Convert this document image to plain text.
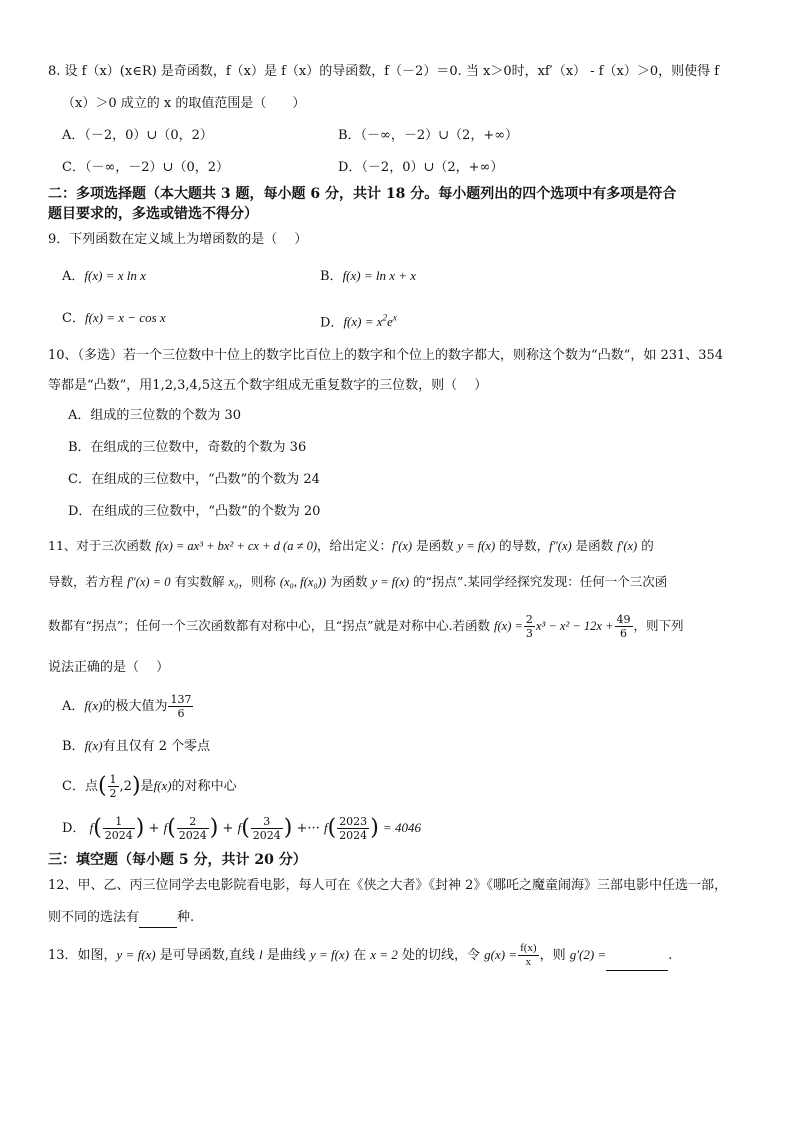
8. 设 f（x）(x∈R) 是奇函数，f（x）是 f（x）的导函数，f（－2）＝0. 当 x＞0时，xf′（x） - f（x）＞0，则使得 f
（x）＞0 成立的 x 的取值范围是（　　）
A．（－2，0）∪（0，2）	B．（－∞，－2）∪（2，+∞）
C．（－∞，－2）∪（0，2）	D．（－2，0）∪（2，+∞）
二：多项选择题（本大题共 3 题，每小题 6 分，共计 18 分。每小题列出的四个选项中有多项是符合
题目要求的，多选或错选不得分）
9．下列函数在定义域上为增函数的是（　 ）
A．f(x) = x ln x	B．f(x) = ln x + x
C．f(x) = x − cos x	D．$f(x) = x^2e^x$
10、（多选）若一个三位数中十位上的数字比百位上的数字和个位上的数字都大，则称这个数为“凸数”，如 231、354
等都是“凸数”，用1,2,3,4,5这五个数字组成无重复数字的三位数，则（　 ）
A．组成的三位数的个数为 30
B．在组成的三位数中，奇数的个数为 36
C．在组成的三位数中，“凸数”的个数为 24
D．在组成的三位数中，“凸数”的个数为 20
11、对于三次函数 f(x) = ax³ + bx² + cx + d (a ≠ 0)，给出定义：f′(x) 是函数 y = f(x) 的导数，f″(x) 是函数 f′(x) 的
导数，若方程 f″(x) = 0 有实数解 x₀，则称 (x₀, f(x₀)) 为函数 y = f(x) 的“拐点”.某同学经探究发现：任何一个三次函
数都有“拐点”；任何一个三次函数都有对称中心，且“拐点”就是对称中心.若函数 $f(x) = \frac{2}{3} x^3 - x^2 - 12x + \frac{49}{6}$ ，则下列
说法正确的是（　 ）
A．f(x)的极大值为 $\frac{137}{6}$
B．f(x)有且仅有 2 个零点
C．点( $\frac{1}{2} ,2$)是f(x)的对称中心
D． $f( \frac{1}{2024}$ ) + $f( \frac{2}{2024}$ ) + $f( \frac{3}{2024}$ ) +··· $f( \frac{2023}{2024}$ ) = 4046
三：填空题（每小题 5 分，共计 20 分）
12、甲、乙、丙三位同学去电影院看电影，每人可在《侠之大者》《封神 2》《哪吒之魔童闹海》三部电影中任选一部，
则不同的选法有	种.
13．如图，y = f(x) 是可导函数,直线 l 是曲线 y = f(x) 在 x = 2 处的切线，令 $g(x) = \frac{f(x)}{x}$ ，则 g′(2) =	.
